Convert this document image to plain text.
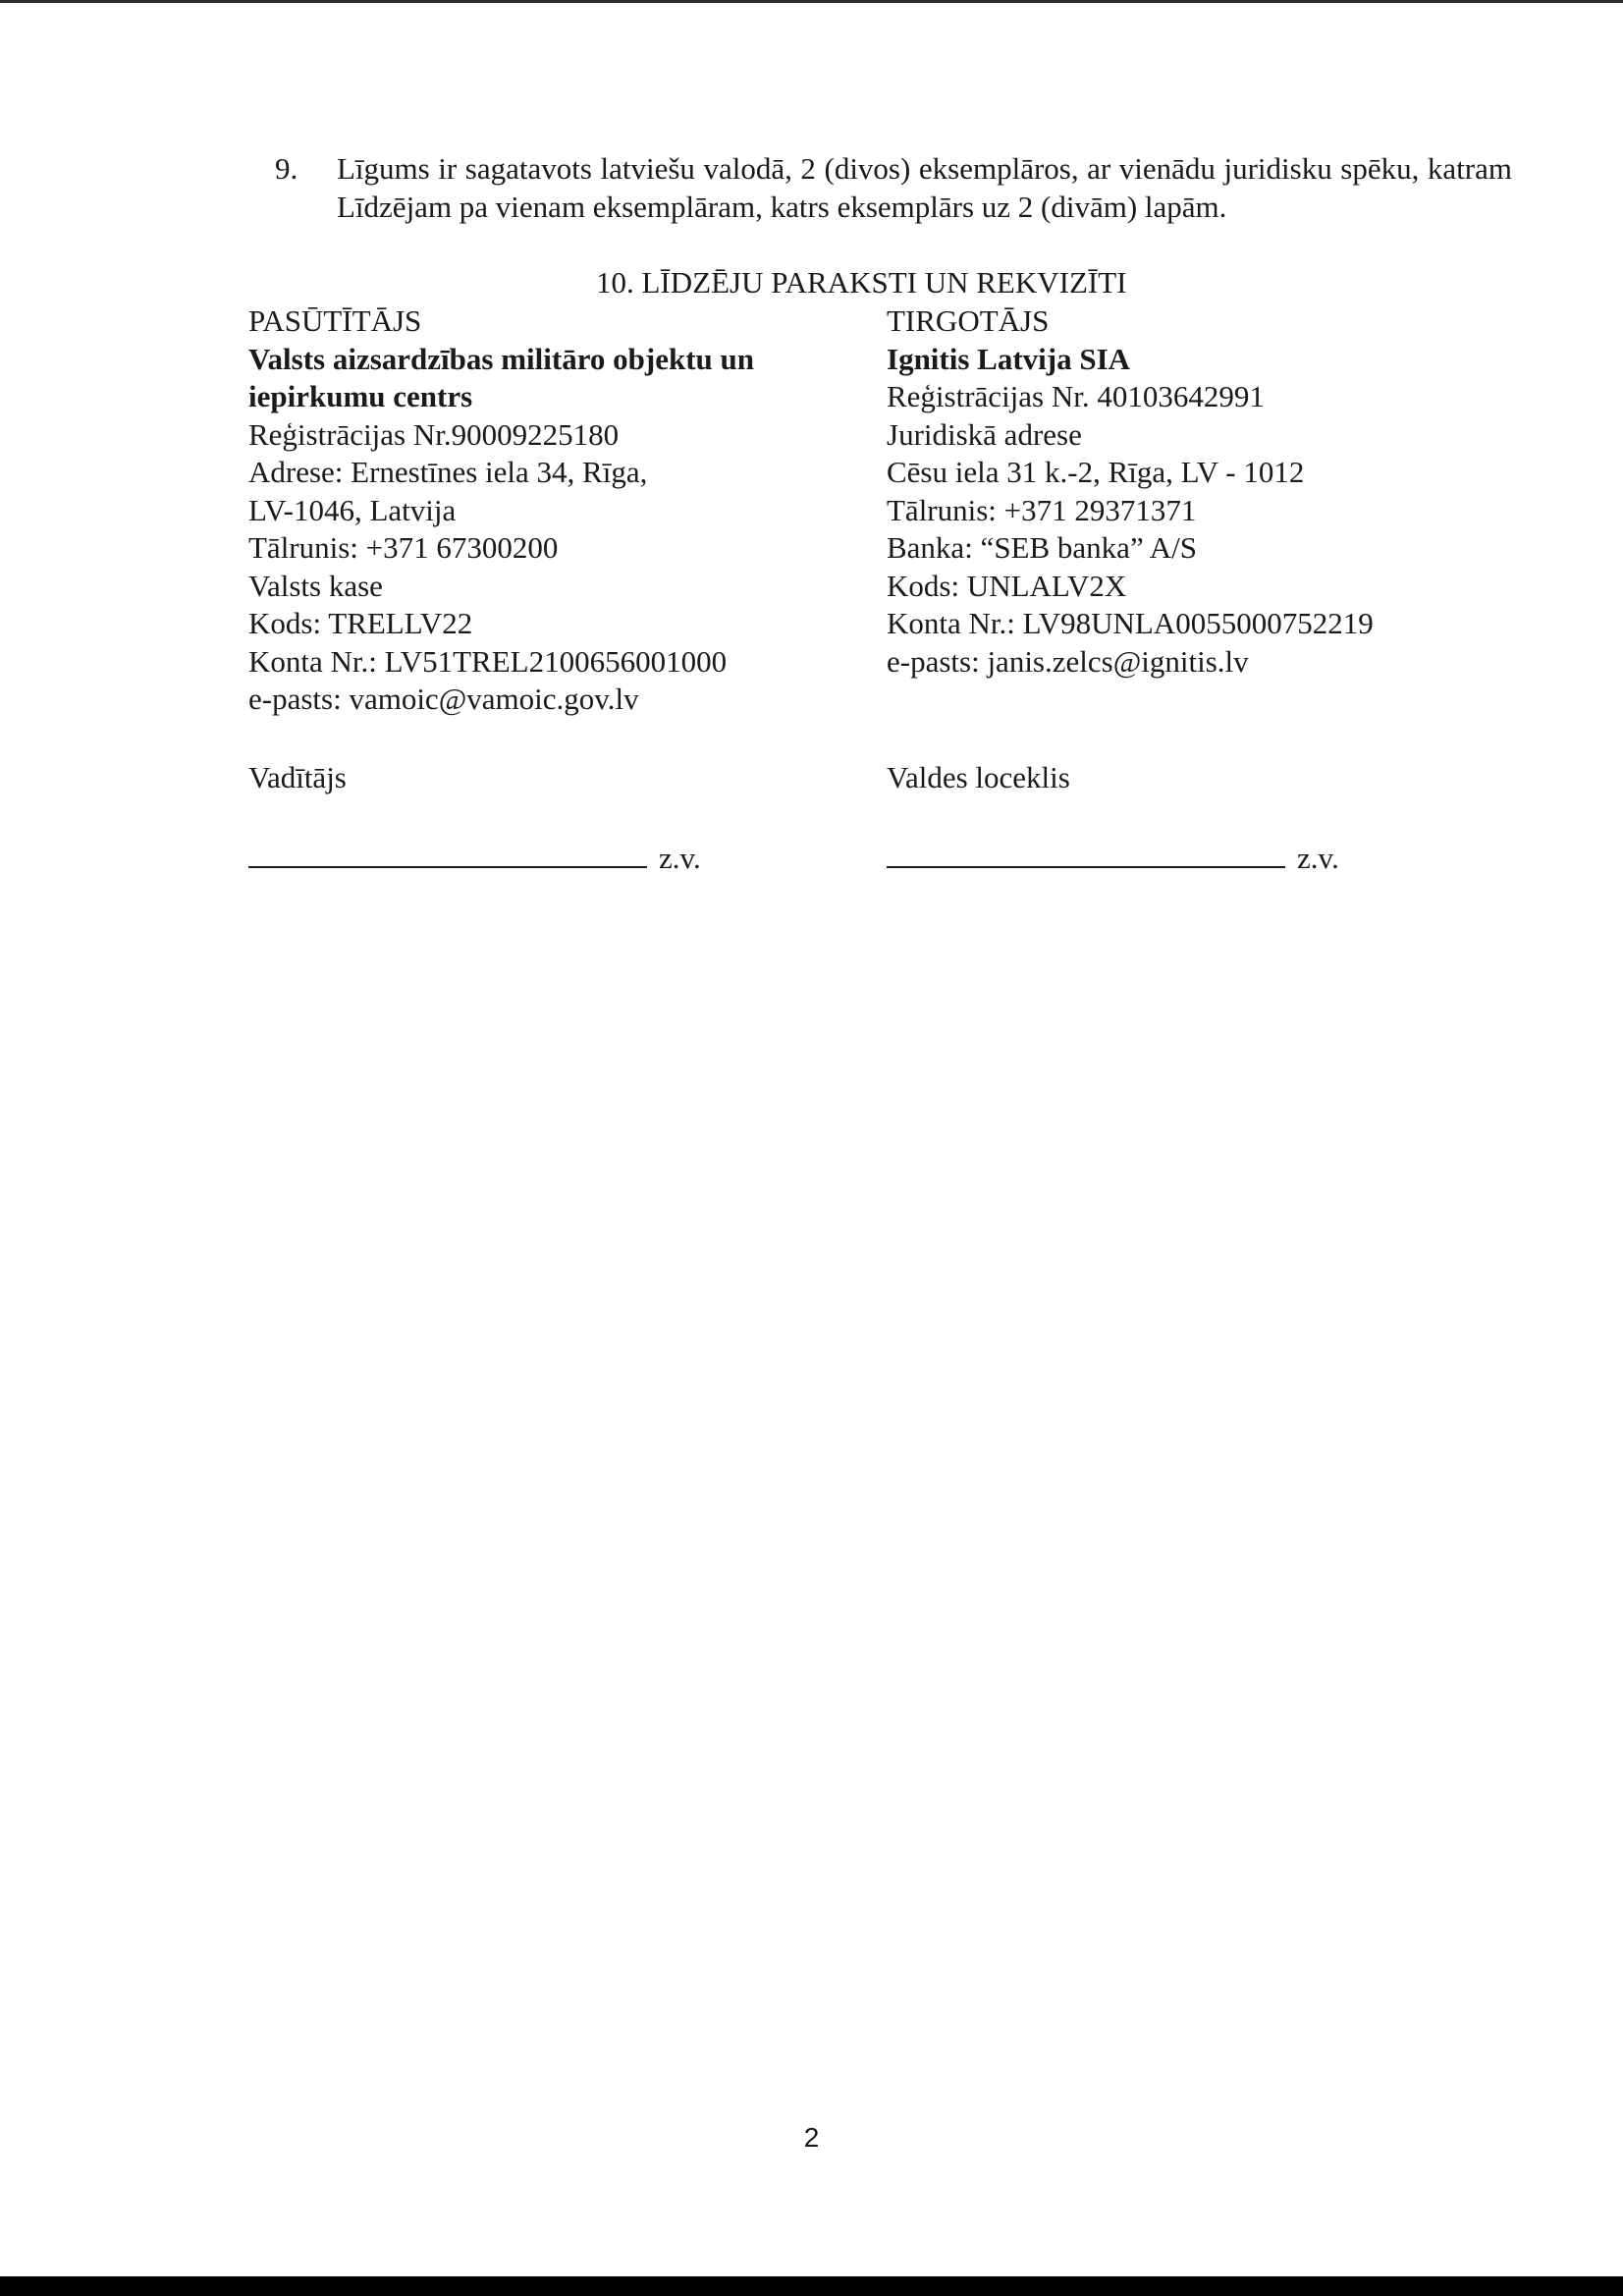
9. Līgums ir sagatavots latviešu valodā, 2 (divos) eksemplāros, ar vienādu juridisku spēku, katram Līdzējam pa vienam eksemplāram, katrs eksemplārs uz 2 (divām) lapām.
10. LĪDZĒJU PARAKSTI UN REKVIZĪTI
PASŪTĪTĀJS
Valsts aizsardzības militāro objektu un
iepirkumu centrs
Reģistrācijas Nr.90009225180
Adrese: Ernestīnes iela 34, Rīga,
LV-1046, Latvija
Tālrunis: +371 67300200
Valsts kase
Kods: TRELLV22
Konta Nr.: LV51TREL2100656001000
e-pasts: vamoic@vamoic.gov.lv
Vadītājs
TIRGOTĀJS
Ignitis Latvija SIA
Reģistrācijas Nr. 40103642991
Juridiskā adrese
Cēsu iela 31 k.-2, Rīga, LV - 1012
Tālrunis: +371 29371371
Banka: “SEB banka” A/S
Kods: UNLALV2X
Konta Nr.: LV98UNLA0055000752219
e-pasts: janis.zelcs@ignitis.lv
Valdes loceklis
z.v.	z.v.
2
